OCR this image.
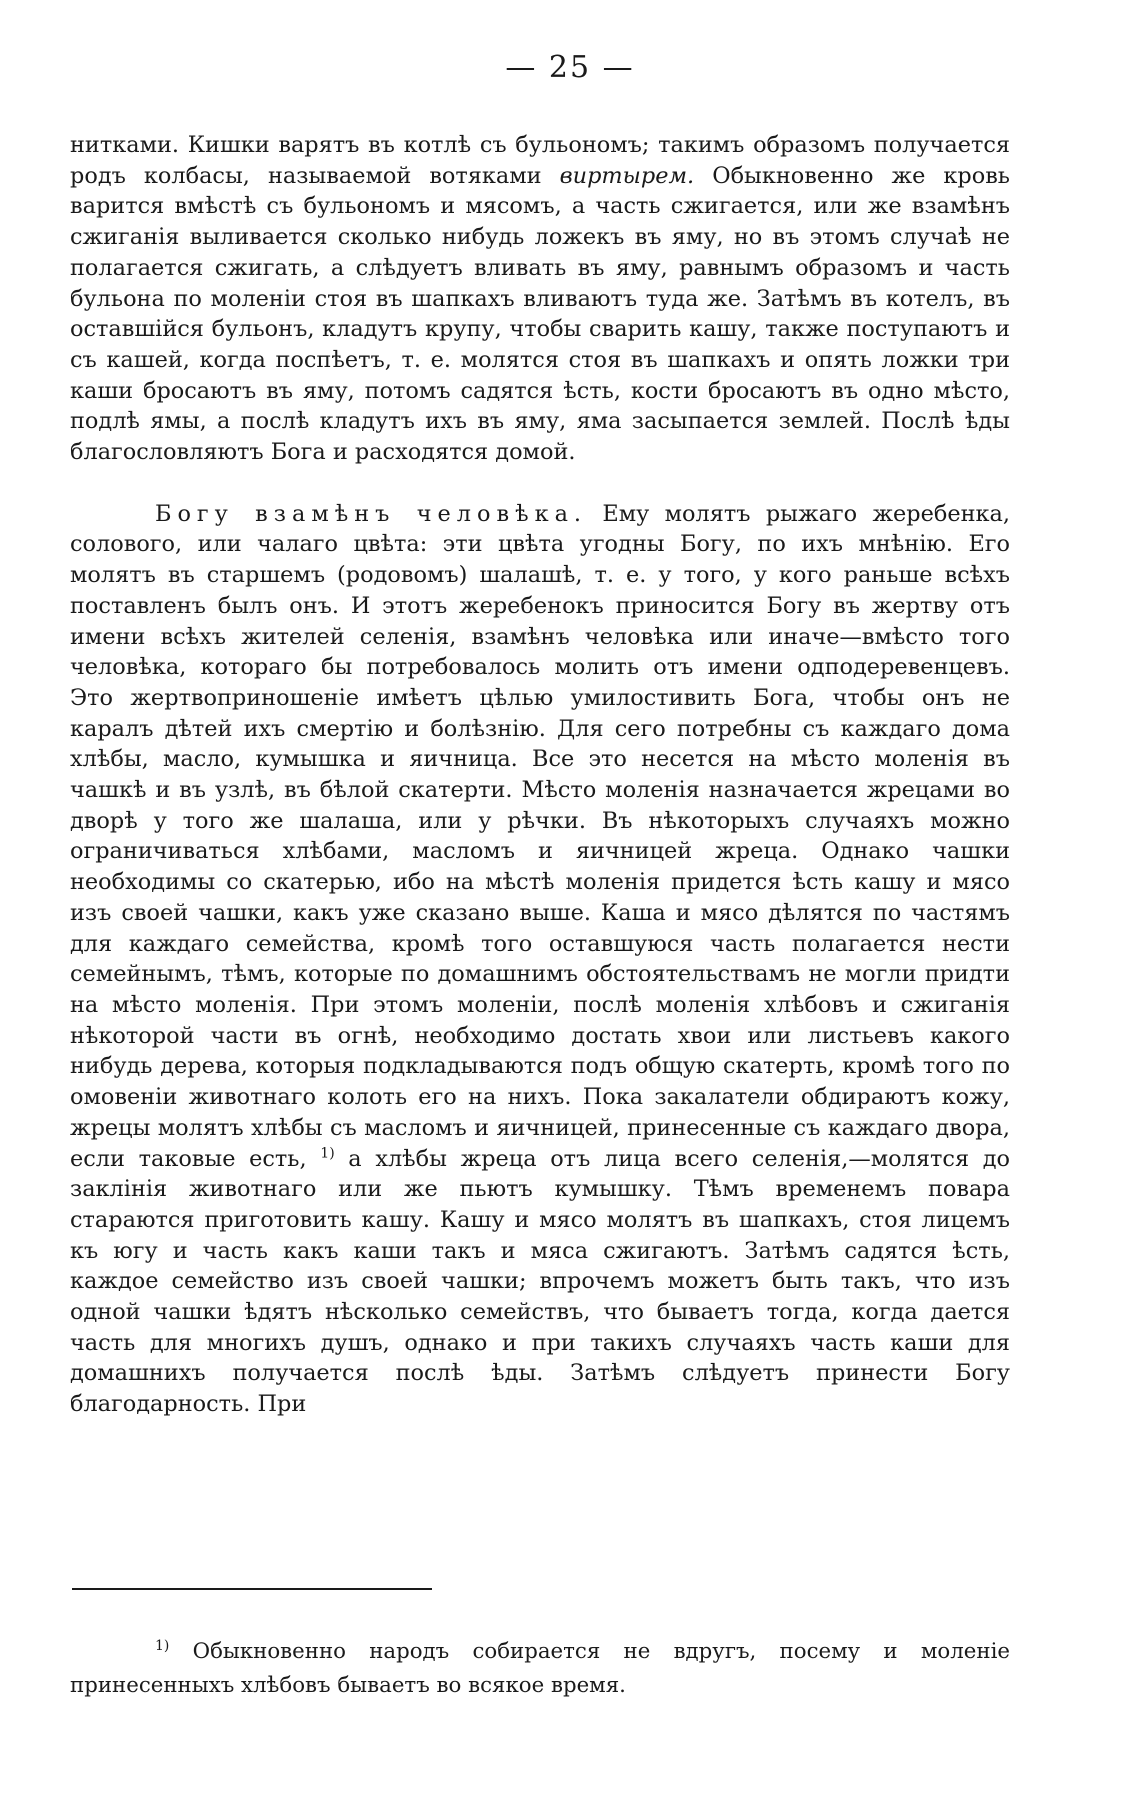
— 25 —

нитками. Кишки варятъ въ котлѣ съ бульономъ; такимъ образомъ получается родъ колбасы, называемой вотяками виртырем. Обыкновенно же кровь варится вмѣстѣ съ бульономъ и мясомъ, а часть сжигается, или же взамѣнъ сжиганія выливается сколько нибудь ложекъ въ яму, но въ этомъ случаѣ не полагается сжигать, а слѣдуетъ вливать въ яму, равнымъ образомъ и часть бульона по моленіи стоя въ шапкахъ вливаютъ туда же. Затѣмъ въ котелъ, въ оставшійся бульонъ, кладутъ крупу, чтобы сварить кашу, также поступаютъ и съ кашей, когда поспѣетъ, т. е. молятся стоя въ шапкахъ и опять ложки три каши бросаютъ въ яму, потомъ садятся ѣсть, кости бросаютъ въ одно мѣсто, подлѣ ямы, а послѣ кладутъ ихъ въ яму, яма засыпается землей. Послѣ ѣды благословляютъ Бога и расходятся домой.

Богу взамѣнъ человѣка. Ему молятъ рыжаго жеребенка, солового, или чалаго цвѣта: эти цвѣта угодны Богу, по ихъ мнѣнію. Его молятъ въ старшемъ (родовомъ) шалашѣ, т. е. у того, у кого раньше всѣхъ поставленъ былъ онъ. И этотъ жеребенокъ приносится Богу въ жертву отъ имени всѣхъ жителей селенія, взамѣнъ человѣка или иначе—вмѣсто того человѣка, котораго бы потребовалось молить отъ имени одподеревенцевъ. Это жертвоприношеніе имѣетъ цѣлью умилостивить Бога, чтобы онъ не каралъ дѣтей ихъ смертію и болѣзнію. Для сего потребны съ каждаго дома хлѣбы, масло, кумышка и яичница. Все это несется на мѣсто моленія въ чашкѣ и въ узлѣ, въ бѣлой скатерти. Мѣсто моленія назначается жрецами во дворѣ у того же шалаша, или у рѣчки. Въ нѣкоторыхъ случаяхъ можно ограничиваться хлѣбами, масломъ и яичницей жреца. Однако чашки необходимы со скатерью, ибо на мѣстѣ моленія придется ѣсть кашу и мясо изъ своей чашки, какъ уже сказано выше. Каша и мясо дѣлятся по частямъ для каждаго семейства, кромѣ того оставшуюся часть полагается нести семейнымъ, тѣмъ, которые по домашнимъ обстоятельствамъ не могли придти на мѣсто моленія. При этомъ моленіи, послѣ моленія хлѣбовъ и сжиганія нѣкоторой части въ огнѣ, необходимо достать хвои или листьевъ какого нибудь дерева, которыя подкладываются подъ общую скатерть, кромѣ того по омовеніи животнаго колоть его на нихъ. Пока закалатели обдираютъ кожу, жрецы молятъ хлѣбы съ масломъ и яичницей, принесенные съ каждаго двора, если таковые есть, $^{1)}$ а хлѣбы жреца отъ лица всего селенія,—молятся до заклінія животнаго или же пьютъ кумышку. Тѣмъ временемъ повара стараются приготовить кашу. Кашу и мясо молятъ въ шапкахъ, стоя лицемъ къ югу и часть какъ каши такъ и мяса сжигаютъ. Затѣмъ садятся ѣсть, каждое семейство изъ своей чашки; впрочемъ можетъ быть такъ, что изъ одной чашки ѣдятъ нѣсколько семействъ, что бываетъ тогда, когда дается часть для многихъ душъ, однако и при такихъ случаяхъ часть каши для домашнихъ получается послѣ ѣды. Затѣмъ слѣдуетъ принести Богу благодарность. При

$^{1)}$ Обыкновенно народъ собирается не вдругъ, посему и моленіе принесенныхъ хлѣбовъ бываетъ во всякое время.
